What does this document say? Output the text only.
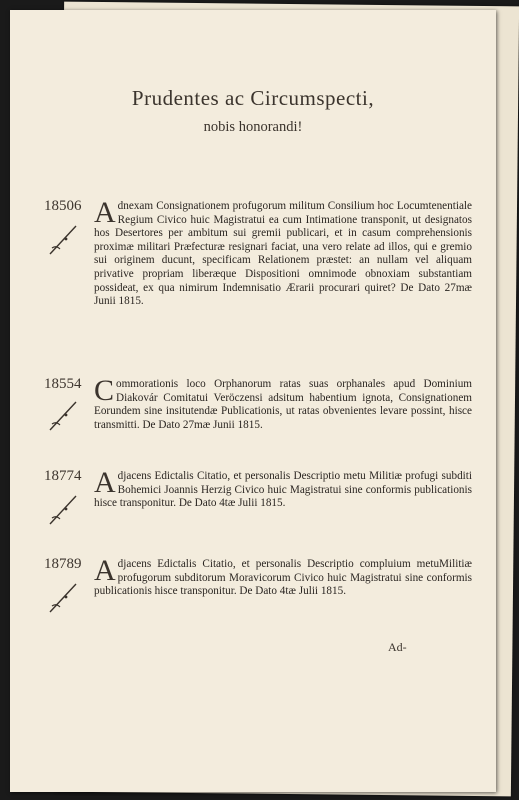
Prudentes ac Circumspecti,
nobis honorandi!
18506 Adnexam Consignationem profugorum militum Consilium hoc Locumtenentiale Regium Civico huic Magistratui ea cum Intimatione transponit, ut designatos hos Desertores per ambitum sui gremii publicari, et in casum comprehensionis proximæ militari Præfecturæ resignari faciat, una vero relate ad illos, qui e gremio sui originem ducunt, specificam Relationem præstet: an nullam vel aliquam privative propriam liberæque Dispositioni omnimode obnoxiam substantiam possideat, ex qua nimirum Indemnisatio Ærarii procurari quiret? De Dato 27mæ Junii 1815.
18554 Commorationis loco Orphanorum ratas suas orphanales apud Dominium Diakovár Comitatui Veröczensi adsitum habentium ignota, Consignationem Eorundem sine insitutendæ Publicationis, ut ratas obvenientes levare possint, hisce transmitti. De Dato 27mæ Junii 1815.
18774 Adjacens Edictalis Citatio, et personalis Descriptio metu Militiæ profugi subditi Bohemici Joannis Herzig Civico huic Magistratui sine conformis publicationis hisce transponitur. De Dato 4tæ Julii 1815.
18789 Adjacens Edictalis Citatio, et personalis Descriptio compluium metuMilitiæ profugorum subditorum Moravicorum Civico huic Magistratui sine conformis publicationis hisce transponitur. De Dato 4tæ Julii 1815.
Ad-
